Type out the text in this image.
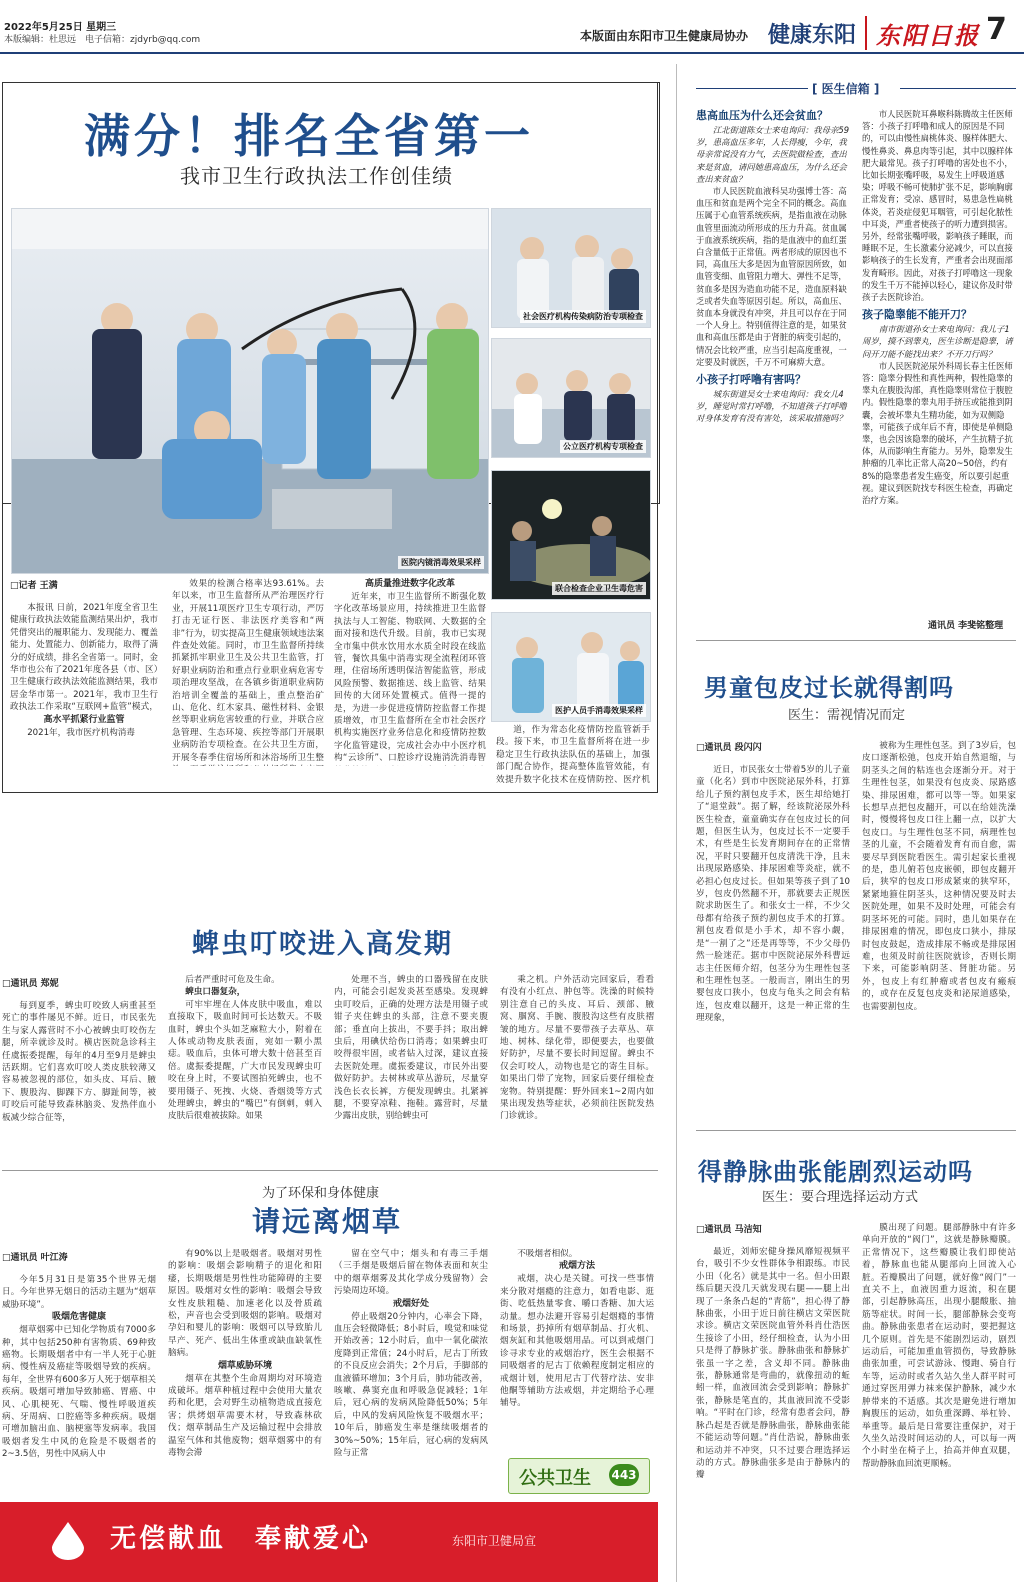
2022年5月25日 星期三
本版编辑：杜思远　电子信箱：zjdyrb@qq.com	本版面由东阳市卫生健康局协办 健康东阳 东阳日报 7
满分！排名全省第一
我市卫生行政执法工作创佳绩
医院内镜消毒效果采样
社会医疗机构传染病防治专项检查
公立医疗机构专项检查
联合检查企业卫生毒危害
医护人员手消毒效果采样
□记者 王满

本报讯 日前，2021年度全省卫生健康行政执法效能监测结果出炉，我市凭借突出的履职能力、发现能力、覆盖能力、处置能力、创新能力，取得了满分的好成绩，排名全省第一。同时，金华市也公布了2021年度各县（市、区）卫生健康行政执法效能监测结果，我市居金华市第一。2021年，我市卫生行政执法工作采取“互联网+监管”模式，

高水平抓紧行业监管

2021年，我市医疗机构消毒

效果的检测合格率达93.61%。去年以来，市卫生监督所从严治理医疗行业，开展11项医疗卫生专项行动，严厉打击无证行医、非法医疗美容和“两非”行为，切实提高卫生健康领域违法案件查处效能。同时，市卫生监督所持续抓紧抓牢职业卫生及公共卫生监管，打好职业病防治和重点行业职业病危害专项治理攻坚战，在各镇乡街道职业病防治培训全覆盖的基础上，重点整治矿山、危化、红木家具、磁性材料、金银丝等职业病危害较重的行业，并联合应急管理、生态环境、疾控等部门开展职业病防治专项检查。在公共卫生方面，开展冬春季住宿场所和沐浴场所卫生整

高质量推进数字化改革

近年来，市卫生监督所不断强化数字化改革场景应用，持续推进卫生监督执法与人工智能、物联网、大数据的全面对接和迭代升级。目前，我市已实现全市集中供水饮用水水质全时段在线监管，餐饮具集中消毒实现全流程闭环管理，住宿场所透明保洁智能监管，形成风险预警、数据推送、线上监管、结果回传的大闭环处置模式。值得一提的是，为进一步促进疫情防控监督工作提质增效，市卫生监督所在全市社会医疗机构实施医疗业务信息化和疫情防控数字化监管建设，完成社会办中小医疗机构“云诊所”、口腔诊疗设施消洗消毒智

道，作为常态化疫情防控监管新手段。接下来，市卫生监督所将在进一步稳定卫生行政执法队伍的基础上，加强部门配合协作，提高整体监管效能，有效提升数字化技术在疫情防控、医疗机

蜱虫叮咬进入高发期
□通讯员 郑妮

每到夏季，蜱虫叮咬致人病重甚至死亡的事件屡见不鲜。近日，市民张先生与家人露营时不小心被蜱虫叮咬伤左腿，所幸就诊及时。横店医院急诊科主任虞振委提醒，每年的4月至9月是蜱虫活跃期。它们喜欢叮咬人类皮肤较薄又容易被忽视的部位，如头皮、耳后、腋下、腹股沟、脚踝下方、脚趾间等，被叮咬后可能导致森林脑炎、发热伴血小板减少综合征等，

后者严重时可危及生命。

蜱虫口器复杂，

可牢牢埋在人体皮肤中吸血，难以直接取下，吸血时间可长达数天。不吸血时，蜱虫个头如芝麻粒大小，附着在人体或动物皮肤表面，宛如一颗小黑痣。吸血后，虫体可增大数十倍甚至百倍。虞振委提醒，广大市民发现蜱虫叮咬在身上时，不要试图拍死蜱虫，也不要用镊子、死拽、火烧、香烟烫等方式处理蜱虫，蜱虫的“嘴巴”有倒刺，刺入皮肤后很难被拔除。如果

处理不当，蜱虫的口器残留在皮肤内，可能会引起发炎甚至感染。发现蜱虫叮咬后，正确的处理方法是用镊子或钳子夹住蜱虫的头部，注意不要夹腹部；垂直向上拔出，不要手抖；取出蜱虫后，用碘伏给伤口消毒；如果蜱虫叮咬得很牢固，或者钻入过深，建议直接去医院处理。虞振委建议，市民外出要做好防护。去树林或草丛游玩，尽量穿浅色长衣长裤，方便发现蜱虫。扎紧裤腿，不要穿凉鞋、拖鞋。露营时，尽量少露出皮肤，别给蜱虫可

乘之机。户外活动完回家后，看看有没有小红点、肿包等。洗澡的时候特别注意自己的头皮、耳后、颈部、腋窝、腘窝、手腕、腹股沟这些有皮肤褶皱的地方。尽量不要带孩子去草丛、草地、树林、绿化带，即便要去，也要做好防护，尽量不要长时间逗留。蜱虫不仅会叮咬人，动物也是它的寄生目标。如果出门带了宠物，回家后要仔细检查宠物。特别提醒：野外回来1~2周内如果出现发热等症状，必须前往医院发热门诊就诊。

为了环保和身体健康
请远离烟草
□通讯员 叶江涛

今年5月31日是第35个世界无烟日。今年世界无烟日的活动主题为“烟草威胁环境”。

吸烟危害健康

烟草烟雾中已知化学物质有7000多种，其中包括250种有害物质、69种致癌物。长期吸烟者中有一半人死于心脏病、慢性病及癌症等吸烟导致的疾病。每年，全世界有600多万人死于烟草相关疾病。吸烟可增加导致肺癌、胃癌、中风、心肌梗死、气喘、慢性呼吸道疾病、牙周病、口腔癌等多种疾病。吸烟可增加脑出血、脑梗塞等发病率。我国吸烟者发生中风的危险是不吸烟者的2~3.5倍，男性中风病人中

有90%以上是吸烟者。吸烟对男性的影响：吸烟会影响精子的退化和阳痿，长期吸烟是男性性功能障碍的主要原因。吸烟对女性的影响：吸烟会导致女性皮肤粗糙、加速老化以及骨质疏松，声音也会受到吸烟的影响。吸烟对孕妇和婴儿的影响：吸烟可以导致胎儿早产、死产、低出生体重或缺血缺氧性脑病。

烟草威胁环境

烟草在其整个生命周期均对环境造成破坏。烟草种植过程中会使用大量农药和化肥，会对野生动植物造成直接危害；烘烤烟草需要木材，导致森林砍伐；烟草制品生产及运输过程中会排放温室气体和其他废物；烟草烟雾中的有毒物会滞

留在空气中；烟头和有毒三手烟（三手烟是吸烟后留在物体表面和灰尘中的烟草烟雾及其化学成分残留物）会污染周边环境。

戒烟好处

停止吸烟20分钟内，心率会下降，血压会轻微降低；8小时后，嗅觉和味觉开始改善；12小时后，血中一氧化碳浓度降到正常值；24小时后，尼古丁所致的不良反应会消失；2个月后，手脚部的血液循环增加；3个月后，肺功能改善，咳嗽、鼻窦充血和呼吸急促减轻；1年后，冠心病的发病风险降低50%；5年后，中风的发病风险恢复不吸烟水平；10年后，肺癌发生率是继续吸烟者的30%~50%；15年后，冠心病的发病风险与正常

不吸烟者相似。

戒烟方法

戒烟，决心是关键。可找一些事情来分散对烟瘾的注意力，如看电影、逛街、吃低热量零食、嚼口香糖、加大运动量。想办法避开容易引起烟瘾的事情和场景，扔掉所有烟草制品、打火机、烟灰缸和其他吸烟用品。可以到戒烟门诊寻求专业的戒烟治疗，医生会根据不同吸烟者的尼古丁依赖程度制定相应的戒烟计划，使用尼古丁代替疗法、安非他酮等辅助方法戒烟，并定期给予心理辅导。

公共卫生 443
无偿献血　奉献爱心	东阳市卫健局宣
[ 医生信箱 ]
患高血压为什么还会贫血？
江北街道陈女士来电询问：我母亲59岁，患高血压多年，人长得瘦，今年，我母亲常说没有力气，去医院做检查，查出来是贫血，请问她患高血压，为什么还会查出来贫血？
市人民医院血液科吴功强博士答：高血压和贫血是两个完全不同的概念。高血压属于心血管系统疾病，是指血液在动脉血管里面流动所形成的压力升高。贫血属于血液系统疾病，指的是血液中的血红蛋白含量低于正常值。两者形成的原因也不同，高血压大多是因为血管原因所致，如血管变细、血管阻力增大、弹性不足等，贫血多是因为造血功能不足，造血原料缺乏或者失血等原因引起。所以，高血压、贫血本身就没有冲突，并且可以存在于同一个人身上。特别值得注意的是，如果贫血和高血压都是由于肾脏的病变引起的，情况会比较严重，应当引起高度重视，一定要及时就医，千万不可麻痹大意。
小孩子打呼噜有害吗？
城东街道吴女士来电询问：我女儿4岁，睡觉时常打呼噜，不知道孩子打呼噜对身体发育有没有害处，该采取措施吗？
市人民医院耳鼻喉科陈腾故主任医师答：小孩子打呼噜和成人的原因是不同的，可以由慢性扁桃体炎、腺样体肥大、慢性鼻炎、鼻息肉等引起，其中以腺样体肥大最常见。孩子打呼噜的害处也不小，比如长期张嘴呼吸，易发生上呼吸道感染；呼吸不畅可使肺扩张不足，影响胸廓正常发育；受凉、感冒时，易患急性扁桃体炎，若炎症侵犯耳咽管，可引起化脓性中耳炎，严重者使孩子的听力遭到损害。另外，经常张嘴呼吸，影响孩子睡眠，而睡眠不足，生长激素分泌减少，可以直接影响孩子的生长发育，严重者会出现面部发育畸形。因此，对孩子打呼噜这一现象的发生千万不能掉以轻心，建议你及时带孩子去医院诊治。
孩子隐睾能不能开刀？
南市街道孙女士来电询问：我儿子1周岁，摸不到睾丸，医生诊断是隐睾，请问开刀能不能找出来？不开刀行吗？
市人民医院泌尿外科周长春主任医师答：隐睾分假性和真性两种，假性隐睾的睾丸在腹股沟部，真性隐睾则常位于腹腔内。假性隐睾的睾丸用手挤压或能推到阴囊，会被坏睾丸生精功能，如为双侧隐睾，可能孩子成年后不育，即使是单侧隐睾，也会因该隐睾的破坏，产生抗精子抗体，从而影响生育能力。另外，隐睾发生肿瘤的几率比正常人高20~50倍，约有8%的隐睾患者发生癌变，所以要引起重视。建议到医院找专科医生检查，再确定治疗方案。
通讯员 李斐铭整理
男童包皮过长就得割吗
医生：需视情况而定
□通讯员 段闪闪

近日，市民张女士带着5岁的儿子童童（化名）到市中医院泌尿外科，打算给儿子预约割包皮手术，医生却给她打了“退堂鼓”。据了解，经该院泌尿外科医生检查，童童确实存在包皮过长的问题，但医生认为，包皮过长不一定要手术，有些是生长发育期间存在的正常情况，平时只要翻开包皮清洗干净，且未出现尿路感染、排尿困难等炎症，就不必担心包皮过长。但如果等孩子到了10岁，包皮仍然翻不开，那就要去正规医院求助医生了。和张女士一样，不少父母都有给孩子预约割包皮手术的打算。割包皮看似是小手术，却不容小觑，是“一割了之”还是再等等，不少父母仍然一脸迷茫。据市中医院泌尿外科曹远志主任医师介绍，包茎分为生理性包茎和生理性包茎。一般而言，刚出生的男婴包皮口狭小，包皮与龟头之间会有粘连，包皮难以翻开，这是一种正常的生理现象，

被称为生理性包茎。到了3岁后，包皮口逐渐松弛，包皮开始自然退缩，与阴茎头之间的粘连也会逐渐分开。对于生理性包茎，如果没有包皮炎、尿路感染、排尿困难，都可以等一等。如果家长想早点把包皮翻开，可以在给娃洗澡时，慢慢将包皮口往上翻一点，以扩大包皮口。与生理性包茎不同，病理性包茎的儿童，不会随着发育有而自愈，需要尽早到医院看医生。需引起家长重视的是，患儿俯若包皮嵌顿，即包皮翻开后，狭窄的包皮口形成紧束的狭窄环，紧紧地箍住阴茎头，这种情况要及时去医院处理，如果不及时处理，可能会有阴茎坏死的可能。同时，患儿如果存在排尿困难的情况，即包皮口狭小，排尿时包皮鼓起，造成排尿不畅或是排尿困难，也须及时前往医院就诊，否则长期下来，可能影响阴茎、肾脏功能。另外，包皮上有红肿瘤或者包皮有瘢痕的，或存在反复包皮炎和泌尿道感染，也需要割包皮。

得静脉曲张能剧烈运动吗
医生：要合理选择运动方式
□通讯员 马洁知

最近，刘师宏健身操风靡短视频平台，吸引不少女性群体争相跟练。市民小田（化名）就是其中一名。但小田跟练后腿天没几天就发现右腿——腿上出现了一条条凸起的“青筋”，担心得了静脉曲张，小田于近日前往横店文荣医院求诊。横店文荣医院血管外科肖仕浩医生接诊了小田，经仔细检查，认为小田只是得了静脉扩张。静脉曲张和静脉扩张虽一字之差，含义却不同。静脉曲张，静脉通常是弯曲的，就像扭动的蚯蚓一样，血液回流会受到影响；静脉扩张，静脉是笔直的，其血液回流不受影响。“平时在门诊，经常有患者会问，静脉凸起是否就是静脉曲张，静脉曲张能不能运动等问题。”肖仕浩说，静脉曲张和运动并不冲突，只不过要合理选择运动的方式。静脉曲张多是由于静脉内的瓣

膜出现了问题。腿部静脉中有许多单向开放的“阀门”，这就是静脉瓣膜。正常情况下，这些瓣膜让我们即使站着，静脉血也能从腿部向上回流入心脏。若瓣膜出了问题，就好像“阀门”一直关不上，血液因重力返流，积在腿部，引起静脉高压，出现小腿酸胀、抽筋等症状。时间一长，腿部静脉会变弯曲。静脉曲张患者在运动时，要把握这几个原则。首先是不能剧烈运动，剧烈运动后，可能加重血管损伤，导致静脉曲张加重，可尝试游泳、慢跑、骑自行车等，运动时或者久站久坐人群平时可通过穿医用弹力袜来保护静脉，减少水肿带来的不适感。其次是避免进行增加胸腹压的运动，如负重深蹲、举杠铃、举重等。最后是日常要注重保护，对于久坐久站没时间运动的人，可以每一两个小时坐在椅子上，抬高并伸直双腿，帮助静脉血回流更顺畅。
